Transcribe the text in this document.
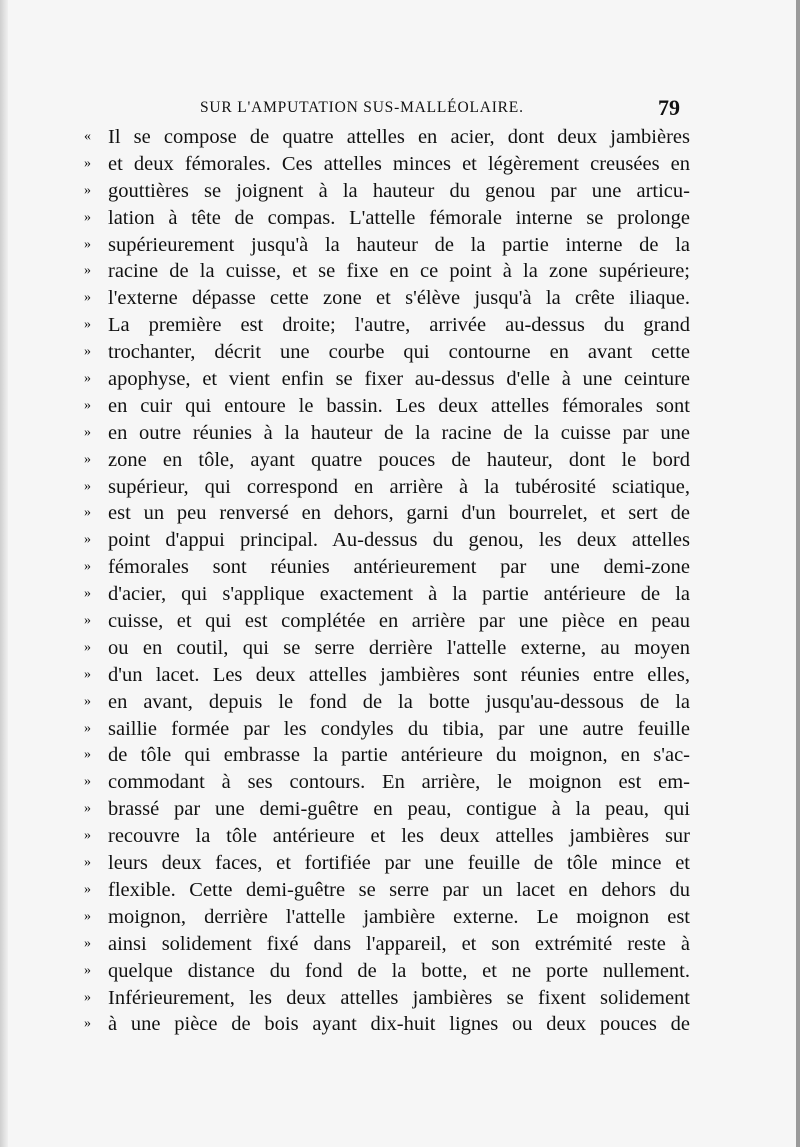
SUR L'AMPUTATION SUS-MALLÉOLAIRE.	79
« Il se compose de quatre attelles en acier, dont deux jambières
» et deux fémorales. Ces attelles minces et légèrement creusées en
» gouttières se joignent à la hauteur du genou par une articu-
» lation à tête de compas. L'attelle fémorale interne se prolonge
» supérieurement jusqu'à la hauteur de la partie interne de la
» racine de la cuisse, et se fixe en ce point à la zone supérieure;
» l'externe dépasse cette zone et s'élève jusqu'à la crête iliaque.
» La première est droite; l'autre, arrivée au-dessus du grand
» trochanter, décrit une courbe qui contourne en avant cette
» apophyse, et vient enfin se fixer au-dessus d'elle à une ceinture
» en cuir qui entoure le bassin. Les deux attelles fémorales sont
» en outre réunies à la hauteur de la racine de la cuisse par une
» zone en tôle, ayant quatre pouces de hauteur, dont le bord
» supérieur, qui correspond en arrière à la tubérosité sciatique,
» est un peu renversé en dehors, garni d'un bourrelet, et sert de
» point d'appui principal. Au-dessus du genou, les deux attelles
» fémorales sont réunies antérieurement par une demi-zone
» d'acier, qui s'applique exactement à la partie antérieure de la
» cuisse, et qui est complétée en arrière par une pièce en peau
» ou en coutil, qui se serre derrière l'attelle externe, au moyen
» d'un lacet. Les deux attelles jambières sont réunies entre elles,
» en avant, depuis le fond de la botte jusqu'au-dessous de la
» saillie formée par les condyles du tibia, par une autre feuille
» de tôle qui embrasse la partie antérieure du moignon, en s'ac-
» commodant à ses contours. En arrière, le moignon est em-
» brassé par une demi-guêtre en peau, contigue à la peau, qui
» recouvre la tôle antérieure et les deux attelles jambières sur
» leurs deux faces, et fortifiée par une feuille de tôle mince et
» flexible. Cette demi-guêtre se serre par un lacet en dehors du
» moignon, derrière l'attelle jambière externe. Le moignon est
» ainsi solidement fixé dans l'appareil, et son extrémité reste à
» quelque distance du fond de la botte, et ne porte nullement.
» Inférieurement, les deux attelles jambières se fixent solidement
» à une pièce de bois ayant dix-huit lignes ou deux pouces de
